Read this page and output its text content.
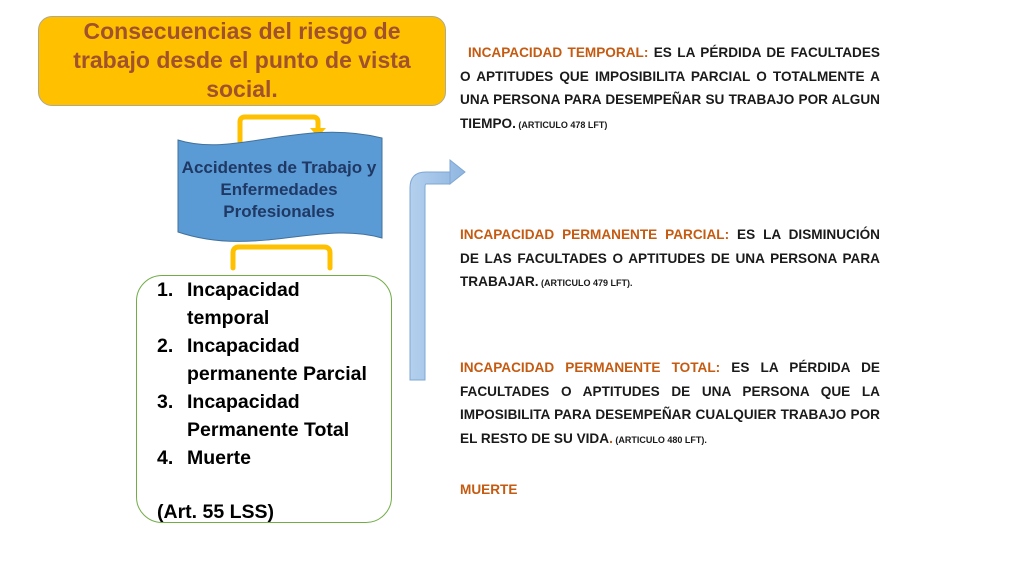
Consecuencias del riesgo de trabajo desde el punto de vista social.
Accidentes de Trabajo y Enfermedades Profesionales
1. Incapacidad temporal
2. Incapacidad permanente Parcial
3. Incapacidad Permanente Total
4. Muerte
(Art. 55 LSS)
INCAPACIDAD TEMPORAL: ES LA PÉRDIDA DE FACULTADES O APTITUDES QUE IMPOSIBILITA PARCIAL O TOTALMENTE A UNA PERSONA PARA DESEMPEÑAR SU TRABAJO POR ALGUN TIEMPO. (ARTICULO 478 LFT)
INCAPACIDAD PERMANENTE PARCIAL: ES LA DISMINUCIÓN DE LAS FACULTADES O APTITUDES DE UNA PERSONA PARA TRABAJAR. (ARTICULO 479 LFT).
INCAPACIDAD PERMANENTE TOTAL: ES LA PÉRDIDA DE FACULTADES O APTITUDES DE UNA PERSONA QUE LA IMPOSIBILITA PARA DESEMPEÑAR CUALQUIER TRABAJO POR EL RESTO DE SU VIDA. (ARTICULO 480 LFT).
MUERTE
